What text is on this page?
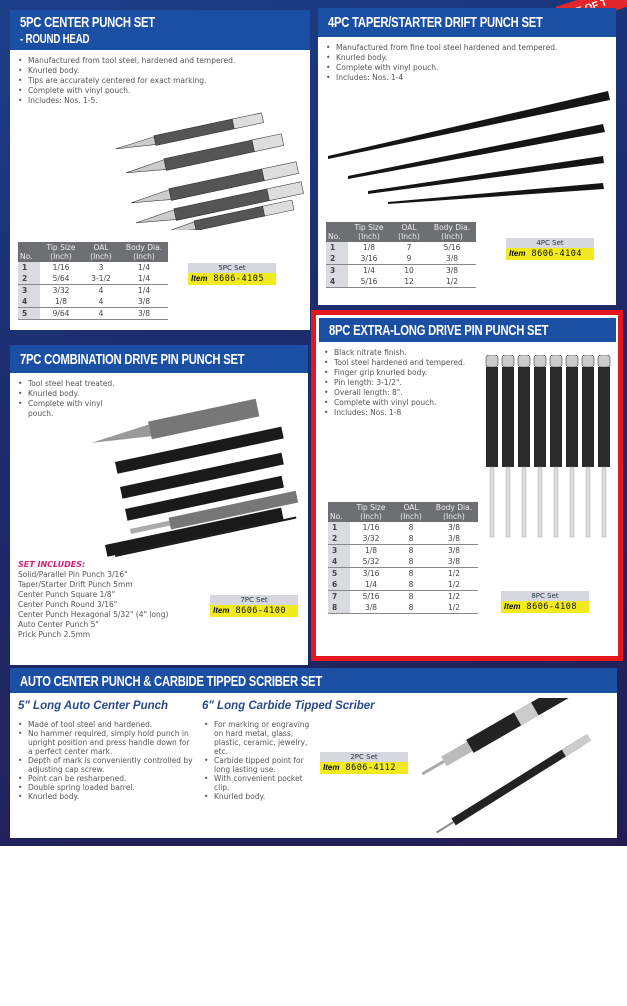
5PC CENTER PUNCH SET
- ROUND HEAD
• Manufactured from tool steel, hardened and tempered.
• Knurled body.
• Tips are accurately centered for exact marking.
• Complete with vinyl pouch.
• Includes: Nos. 1-5.
No.	Tip Size (Inch)	OAL (Inch)	Body Dia. (Inch)
1	1/16	3	1/4
2	5/64	3-1/2	1/4
3	3/32	4	1/4
4	1/8	4	3/8
5	9/64	4	3/8
5PC Set
Item 8606-4105
4PC TAPER/STARTER DRIFT PUNCH SET
• Manufactured from fine tool steel hardened and tempered.
• Knurled body.
• Complete with vinyl pouch.
• Includes: Nos. 1-4
No.	Tip Size (Inch)	OAL (Inch)	Body Dia. (Inch)
1	1/8	7	5/16
2	3/16	9	3/8
3	1/4	10	3/8
4	5/16	12	1/2
4PC Set
Item 8606-4104
7PC COMBINATION DRIVE PIN PUNCH SET
• Tool steel heat treated.
• Knurled body.
• Complete with vinyl pouch.
SET INCLUDES:
Solid/Parallel Pin Punch 3/16"
Taper/Starter Drift Punch 5mm
Center Punch Square 1/8"
Center Punch Round 3/16"
Center Punch Hexagonal 5/32" (4" long)
Auto Center Punch 5"
Prick Punch 2.5mm
7PC Set
Item 8606-4100
8PC EXTRA-LONG DRIVE PIN PUNCH SET
• Black nitrate finish.
• Tool steel hardened and tempered.
• Finger grip knurled body.
• Pin length: 3-1/2".
• Overall length: 8".
• Complete with vinyl pouch.
• Includes: Nos. 1-8
No.	Tip Size (Inch)	OAL (Inch)	Body Dia. (Inch)
1	1/16	8	3/8
2	3/32	8	3/8
3	1/8	8	3/8
4	5/32	8	3/8
5	3/16	8	1/2
6	1/4	8	1/2
7	5/16	8	1/2
8	3/8	8	1/2
8PC Set
Item 8606-4108
AUTO CENTER PUNCH & CARBIDE TIPPED SCRIBER SET
5" Long Auto Center Punch	6" Long Carbide Tipped Scriber
• Made of tool steel and hardened.
• No hammer required, simply hold punch in upright position and press handle down for a perfect center mark.
• Depth of mark is conveniently controlled by adjusting cap screw.
• Point can be resharpened.
• Double spring loaded barrel.
• Knurled body.
• For marking or engraving on hard metal, glass, plastic, ceramic, jewelry, etc.
• Carbide tipped point for long lasting use.
• With convenient pocket clip.
• Knurled body.
2PC Set
Item 8606-4112
